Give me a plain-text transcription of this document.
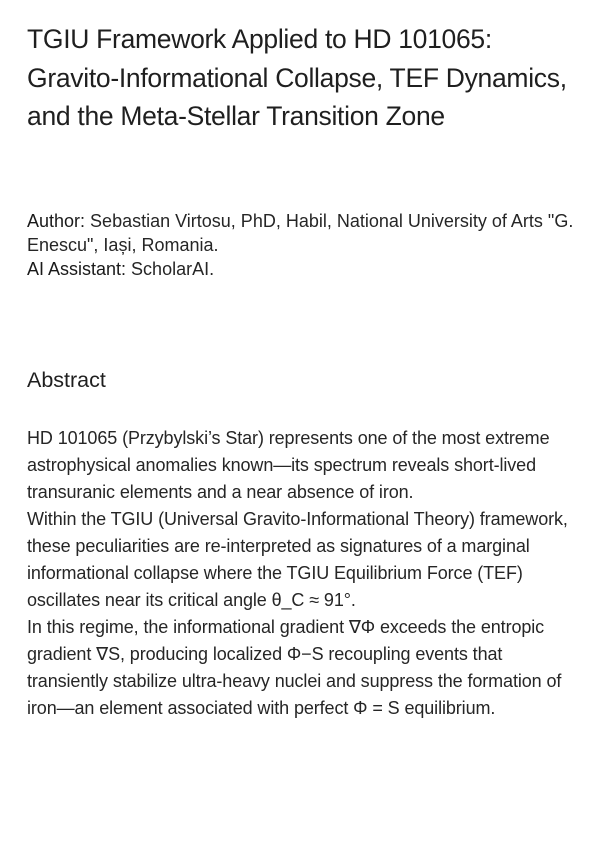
TGIU Framework Applied to HD 101065: Gravito-Informational Collapse, TEF Dynamics, and the Meta-Stellar Transition Zone
Author: Sebastian Virtosu, PhD, Habil, National University of Arts "G. Enescu", Iași, Romania.
AI Assistant: ScholarAI.
Abstract

HD 101065 (Przybylski’s Star) represents one of the most extreme astrophysical anomalies known—its spectrum reveals short-lived transuranic elements and a near absence of iron.

Within the TGIU (Universal Gravito-Informational Theory) framework, these peculiarities are re-interpreted as signatures of a marginal informational collapse where the TGIU Equilibrium Force (TEF) oscillates near its critical angle θ_C ≈ 91°.

In this regime, the informational gradient ∇Φ exceeds the entropic gradient ∇S, producing localized Φ−S recoupling events that transiently stabilize ultra-heavy nuclei and suppress the formation of iron—an element associated with perfect Φ = S equilibrium.
